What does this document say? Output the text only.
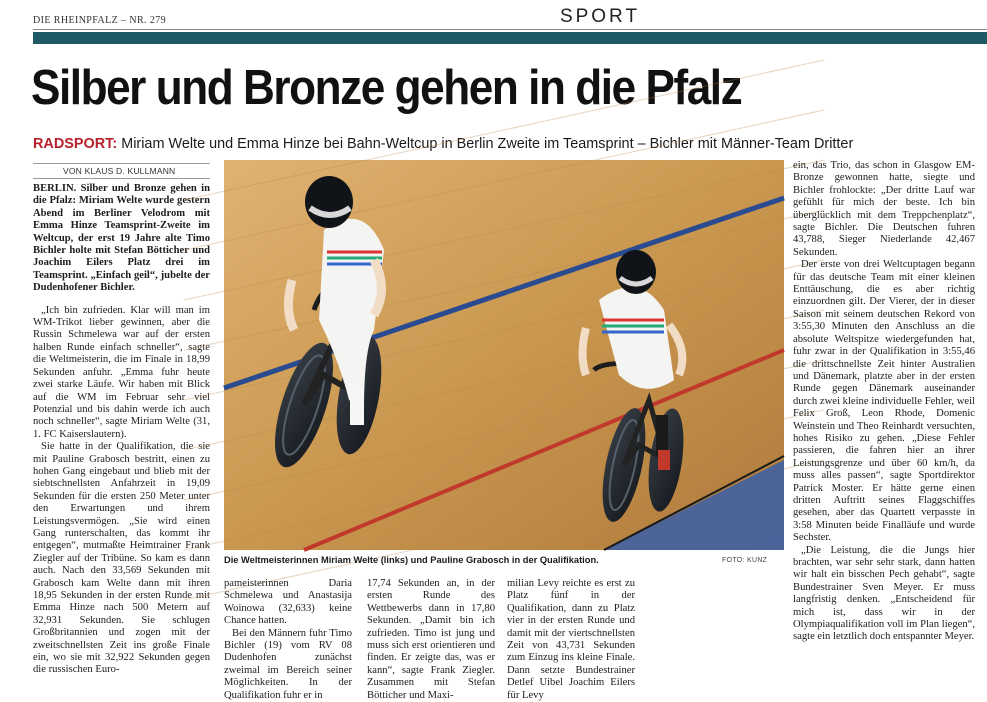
DIE RHEINPFALZ – NR. 279	SPORT
Silber und Bronze gehen in die Pfalz
RADSPORT: Miriam Welte und Emma Hinze bei Bahn-Weltcup in Berlin Zweite im Teamsprint – Bichler mit Männer-Team Dritter
VON KLAUS D. KULLMANN

BERLIN. Silber und Bronze gehen in die Pfalz: Miriam Welte wurde gestern Abend im Berliner Velodrom mit Emma Hinze Teamsprint-Zweite im Weltcup, der erst 19 Jahre alte Timo Bichler holte mit Stefan Bötticher und Joachim Eilers Platz drei im Teamsprint. „Einfach geil“, jubelte der Dudenhofener Bichler.

„Ich bin zufrieden. Klar will man im WM-Trikot lieber gewinnen, aber die Russin Schmelewa war auf der ersten halben Runde einfach schneller“, sagte die Weltmeisterin, die im Finale in 18,99 Sekunden anfuhr. „Emma fuhr heute zwei starke Läufe. Wir haben mit Blick auf die WM im Februar sehr viel Potenzial und bis dahin werde ich auch noch schneller“, sagte Miriam Welte (31, 1. FC Kaiserslautern).

Sie hatte in der Qualifikation, die sie mit Pauline Grabosch bestritt, einen zu hohen Gang eingebaut und blieb mit der siebtschnellsten Anfahrzeit in 19,09 Sekunden für die ersten 250 Meter unter den Erwartungen und ihrem Leistungsvermögen. „Sie wird einen Gang runterschalten, das kommt ihr entgegen“, mutmaßte Heimtrainer Frank Ziegler auf der Tribüne. So kam es dann auch. Nach den 33,569 Sekunden mit Grabosch kam Welte dann mit ihren 18,95 Sekunden in der ersten Runde mit Emma Hinze nach 500 Metern auf 32,931 Sekunden. Sie schlugen Großbritannien und zogen mit der zweitschnellsten Zeit ins große Finale ein, wo sie mit 32,922 Sekunden gegen die russischen Euro-

Die Weltmeisterinnen Miriam Welte (links) und Pauline Grabosch in der Qualifikation.	FOTO: KUNZ

pameisterinnen Daria Schmelewa und Anastasija Woinowa (32,633) keine Chance hatten.

Bei den Männern fuhr Timo Bichler (19) vom RV 08 Dudenhofen zunächst zweimal im Bereich seiner Möglichkeiten. In der Qualifikation fuhr er in

17,74 Sekunden an, in der ersten Runde des Wettbewerbs dann in 17,80 Sekunden. „Damit bin ich zufrieden. Timo ist jung und muss sich erst orientieren und finden. Er zeigte das, was er kann“, sagte Frank Ziegler. Zusammen mit Stefan Bötticher und Maxi-

milian Levy reichte es erst zu Platz fünf in der Qualifikation, dann zu Platz vier in der ersten Runde und damit mit der viertschnellsten Zeit von 43,731 Sekunden zum Einzug ins kleine Finale. Dann setzte Bundestrainer Detlef Uibel Joachim Eilers für Levy

ein, das Trio, das schon in Glasgow EM-Bronze gewonnen hatte, siegte und Bichler frohlockte: „Der dritte Lauf war gefühlt für mich der beste. Ich bin überglücklich mit dem Treppchenplatz“, sagte Bichler. Die Deutschen fuhren 43,788, Sieger Niederlande 42,467 Sekunden.

Der erste von drei Weltcuptagen begann für das deutsche Team mit einer kleinen Enttäuschung, die es aber richtig einzuordnen gilt. Der Vierer, der in dieser Saison mit seinem deutschen Rekord von 3:55,30 Minuten den Anschluss an die absolute Weltspitze wiedergefunden hat, fuhr zwar in der Qualifikation in 3:55,46 die drittschnellste Zeit hinter Australien und Dänemark, platzte aber in der ersten Runde gegen Dänemark auseinander durch zwei kleine individuelle Fehler, weil Felix Groß, Leon Rhode, Domenic Weinstein und Theo Reinhardt versuchten, hohes Risiko zu gehen. „Diese Fehler passieren, die fahren hier an ihrer Leistungsgrenze und über 60 km/h, da muss alles passen“, sagte Sportdirektor Patrick Moster. Er hätte gerne einen dritten Auftritt seines Flaggschiffes gesehen, aber das Quartett verpasste in 3:58 Minuten beide Finalläufe und wurde Sechster.

„Die Leistung, die die Jungs hier brachten, war sehr sehr stark, dann hatten wir halt ein bisschen Pech gehabt“, sagte Bundestrainer Sven Meyer. Er muss langfristig denken. „Entscheidend für mich ist, dass wir in der Olympiaqualifikation voll im Plan liegen“, sagte ein letztlich doch entspannter Meyer.
